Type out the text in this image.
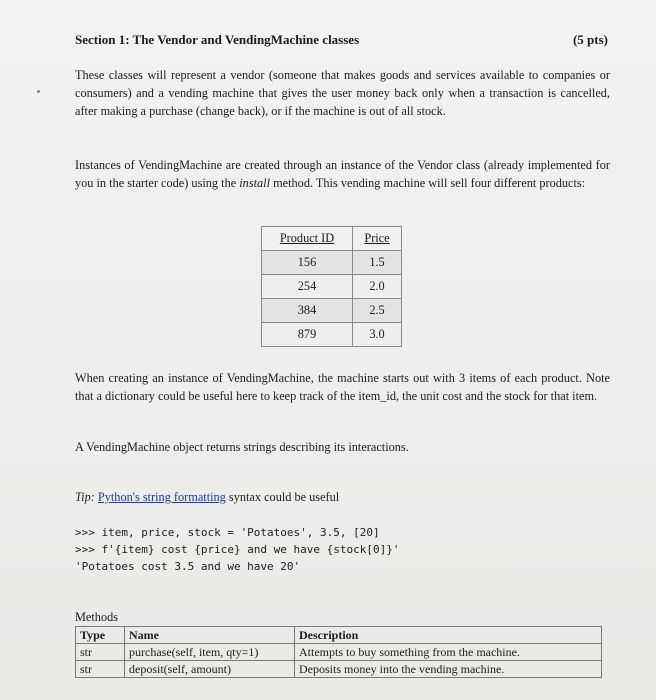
Section 1: The Vendor and VendingMachine classes	(5 pts)
These classes will represent a vendor (someone that makes goods and services available to companies or consumers) and a vending machine that gives the user money back only when a transaction is cancelled, after making a purchase (change back), or if the machine is out of all stock.
Instances of VendingMachine are created through an instance of the Vendor class (already implemented for you in the starter code) using the install method. This vending machine will sell four different products:
Product ID	Price
156	1.5
254	2.0
384	2.5
879	3.0
When creating an instance of VendingMachine, the machine starts out with 3 items of each product. Note that a dictionary could be useful here to keep track of the item_id, the unit cost and the stock for that item.
A VendingMachine object returns strings describing its interactions.
Tip: Python's string formatting syntax could be useful
>>> item, price, stock = 'Potatoes', 3.5, [20]
>>> f'{item} cost {price} and we have {stock[0]}'
'Potatoes cost 3.5 and we have 20'
Methods
Type	Name	Description
str	purchase(self, item, qty=1)	Attempts to buy something from the machine.
str	deposit(self, amount)	Deposits money into the vending machine.
